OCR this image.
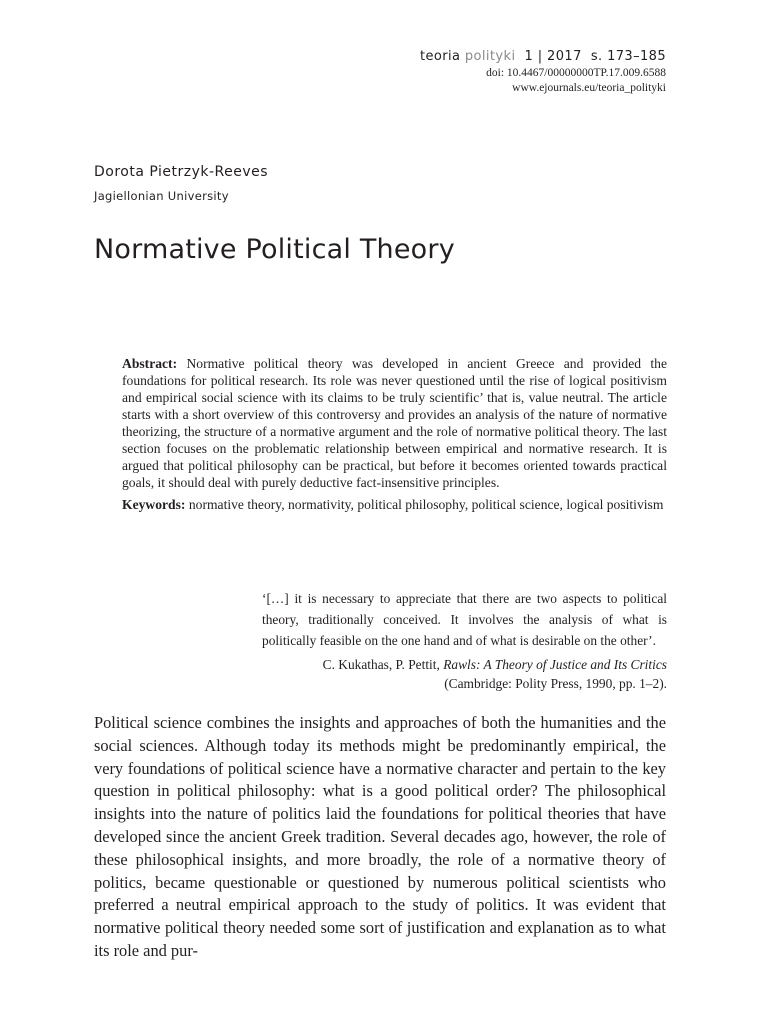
teoria polityki 1 | 2017 s. 173–185
doi: 10.4467/00000000TP.17.009.6588
www.ejournals.eu/teoria_polityki
Dorota Pietrzyk-Reeves
Jagiellonian University
Normative Political Theory

Abstract: Normative political theory was developed in ancient Greece and provided the foundations for political research. Its role was never questioned until the rise of logical positivism and empirical social science with its claims to be truly scientific’ that is, value neutral. The article starts with a short overview of this controversy and provides an analysis of the nature of normative theorizing, the structure of a normative argument and the role of normative political theory. The last section focuses on the problematic relationship between empirical and normative research. It is argued that political philosophy can be practical, but before it becomes oriented towards practical goals, it should deal with purely deductive fact-insensitive principles.

Keywords: normative theory, normativity, political philosophy, political science, logical positivism

‘[…] it is necessary to appreciate that there are two aspects to political theory, traditionally conceived. It involves the analysis of what is politically feasible on the one hand and of what is desirable on the other’.
C. Kukathas, P. Pettit, Rawls: A Theory of Justice and Its Critics
(Cambridge: Polity Press, 1990, pp. 1–2).

Political science combines the insights and approaches of both the humanities and the social sciences. Although today its methods might be predominantly empirical, the very foundations of political science have a normative character and pertain to the key question in political philosophy: what is a good political order? The philosophical insights into the nature of politics laid the foundations for political theories that have developed since the ancient Greek tradition. Several decades ago, however, the role of these philosophical insights, and more broadly, the role of a normative theory of politics, became questionable or questioned by numerous political scientists who preferred a neutral empirical approach to the study of politics. It was evident that normative political theory needed some sort of justification and explanation as to what its role and pur-
